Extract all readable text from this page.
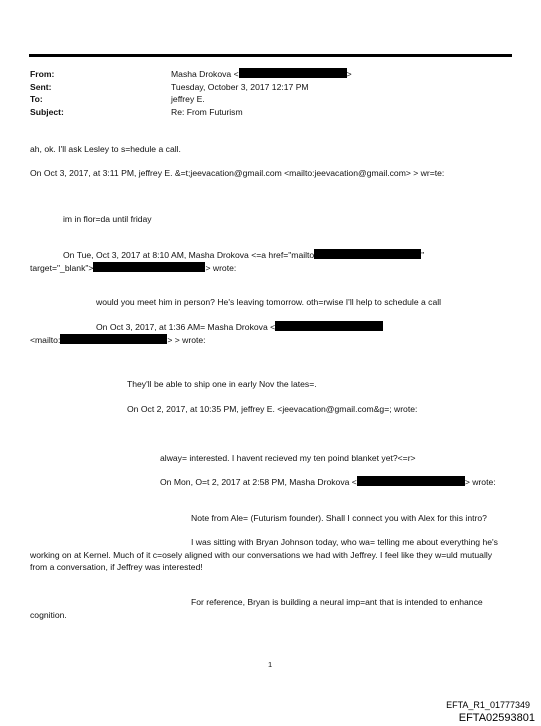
From:	Masha Drokova <	>
Sent:	Tuesday, October 3, 2017 12:17 PM
To:	jeffrey E.
Subject:	Re: From Futurism
ah, ok. I'll ask Lesley to s=hedule a call.
On Oct 3, 2017, at 3:11 PM, jeffrey E. &=t;jeevacation@gmail.com <mailto:jeevacation@gmail.com> > wr=te:
im in flor=da until friday
On Tue, Oct 3, 2017 at 8:10 AM, Masha Drokova <=a href="mailto	"
target="_blank">	> wrote:
would you meet him in person? He's leaving tomorrow. oth=rwise I'll help to schedule a call
On Oct 3, 2017, at 1:36 AM= Masha Drokova <
<mailto:	> > wrote:
They'll be able to ship one in early Nov the lates=.
On Oct 2, 2017, at 10:35 PM, jeffrey E. <jeevacation@gmail.com&g=; wrote:
alway= interested. I havent recieved my ten poind blanket yet?<=r>
On Mon, O=t 2, 2017 at 2:58 PM, Masha Drokova <	> wrote:
Note from Ale= (Futurism founder). Shall I connect you with Alex for this intro?
I was sitting with Bryan Johnson today, who wa= telling me about everything he's working on at Kernel. Much of it c=osely aligned with our conversations we had with Jeffrey. I feel like they w=uld mutually from a conversation, if Jeffrey was interested!
For reference, Bryan is building a neural imp=ant that is intended to enhance cognition.
1
EFTA_R1_01777349
EFTA02593801
